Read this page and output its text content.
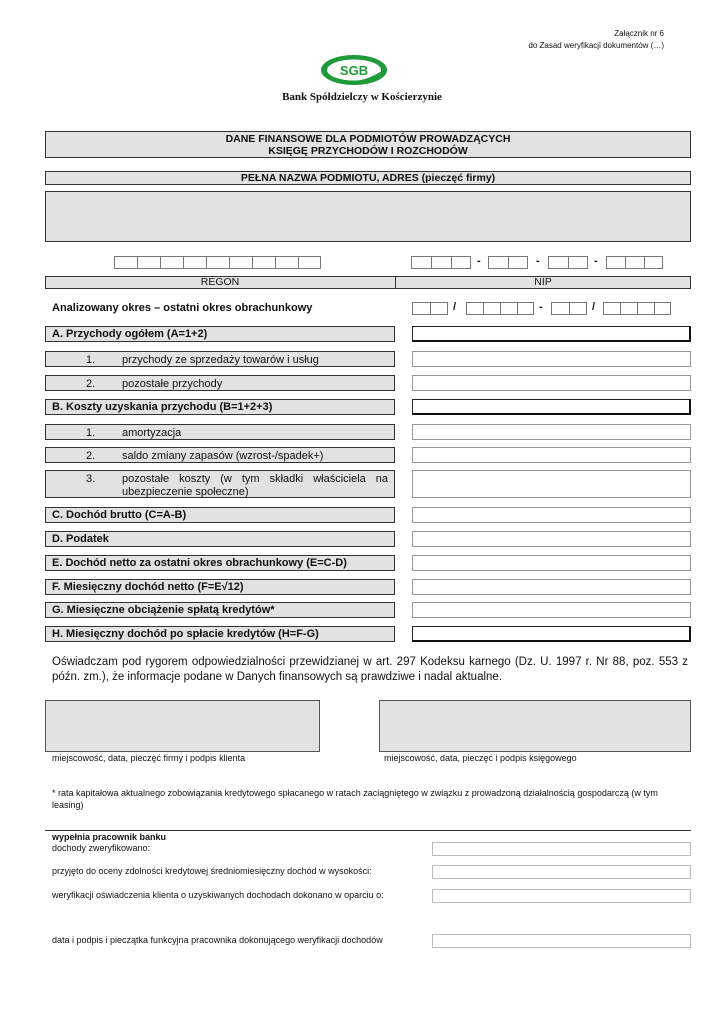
Załącznik nr 6
do Zasad weryfikacji dokumentów (…)
SGB
Bank Spółdzielczy w Kościerzynie
DANE FINANSOWE DLA PODMIOTÓW PROWADZĄCYCH
KSIĘGĘ PRZYCHODÓW I ROZCHODÓW
PEŁNA NAZWA PODMIOTU, ADRES (pieczęć firmy)
-	-	-
REGON	NIP
Analizowany okres – ostatni okres obrachunkowy	/	-	/
A. Przychody ogółem (A=1+2)
1. przychody ze sprzedaży towarów i usług
2. pozostałe przychody
B. Koszty uzyskania przychodu (B=1+2+3)
1. amortyzacja
2. saldo zmiany zapasów (wzrost-/spadek+)
3. pozostałe koszty (w tym składki właściciela na ubezpieczenie społeczne)
C. Dochód brutto (C=A-B)
D. Podatek
E. Dochód netto za ostatni okres obrachunkowy (E=C-D)
F. Miesięczny dochód netto (F=E√12)
G. Miesięczne obciążenie spłatą kredytów*
H. Miesięczny dochód po spłacie kredytów (H=F-G)
Oświadczam pod rygorem odpowiedzialności przewidzianej w art. 297 Kodeksu karnego (Dz. U. 1997 r. Nr 88, poz. 553 z późn. zm.), że informacje podane w Danych finansowych są prawdziwe i nadal aktualne.
miejscowość, data, pieczęć firmy i podpis klienta	miejscowość, data, pieczęć i podpis księgowego
* rata kapitałowa aktualnego zobowiązania kredytowego spłacanego w ratach zaciągniętego w związku z prowadzoną działalnością gospodarczą (w tym leasing)
wypełnia pracownik banku
dochody zweryfikowano:
przyjęto do oceny zdolności kredytowej średniomiesięczny dochód w wysokości:
weryfikacji oświadczenia klienta o uzyskiwanych dochodach dokonano w oparciu o:
data i podpis i pieczątka funkcyjna pracownika dokonującego weryfikacji dochodów
